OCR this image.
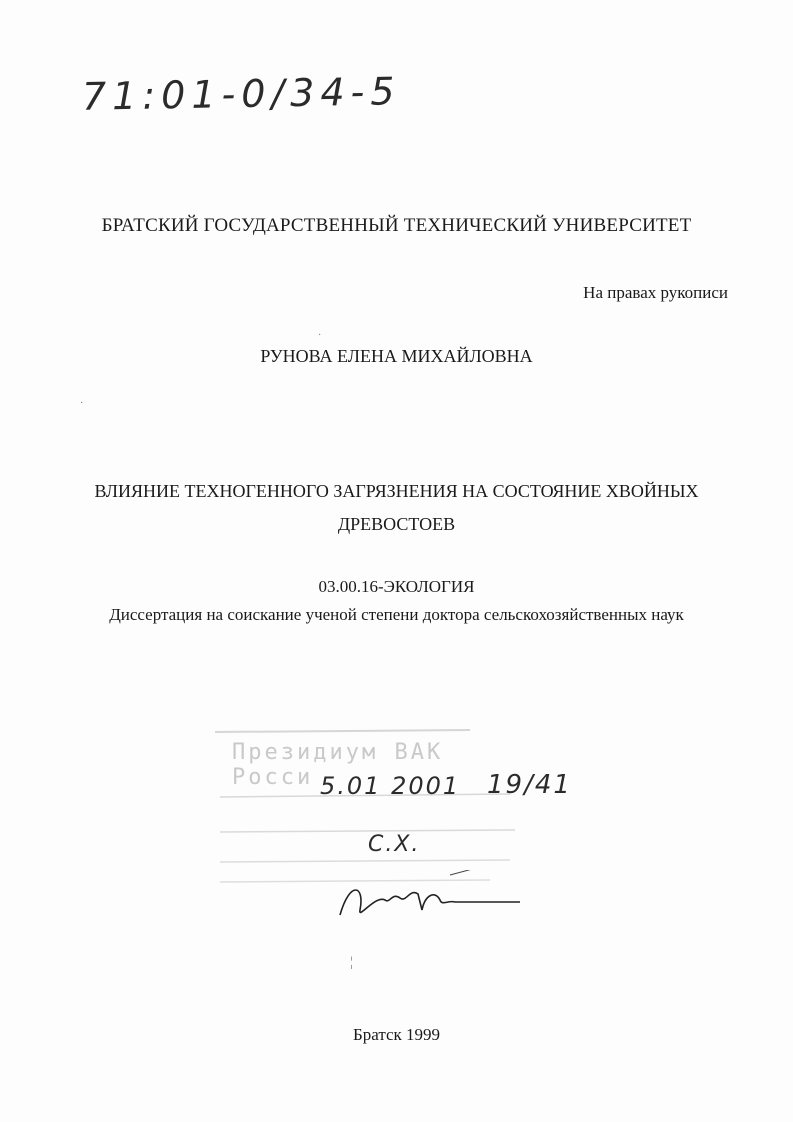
71:01-0/34-5
БРАТСКИЙ ГОСУДАРСТВЕННЫЙ ТЕХНИЧЕСКИЙ УНИВЕРСИТЕТ
На правах рукописи
РУНОВА ЕЛЕНА МИХАЙЛОВНА
ВЛИЯНИЕ ТЕХНОГЕННОГО ЗАГРЯЗНЕНИЯ НА СОСТОЯНИЕ ХВОЙНЫХ ДРЕВОСТОЕВ
03.00.16-ЭКОЛОГИЯ
Диссертация на соискание ученой степени доктора сельскохозяйственных наук
Президиум ВАК Росси 5.01 2001 19/41
С.Х.
Братск 1999
·
·
¦
